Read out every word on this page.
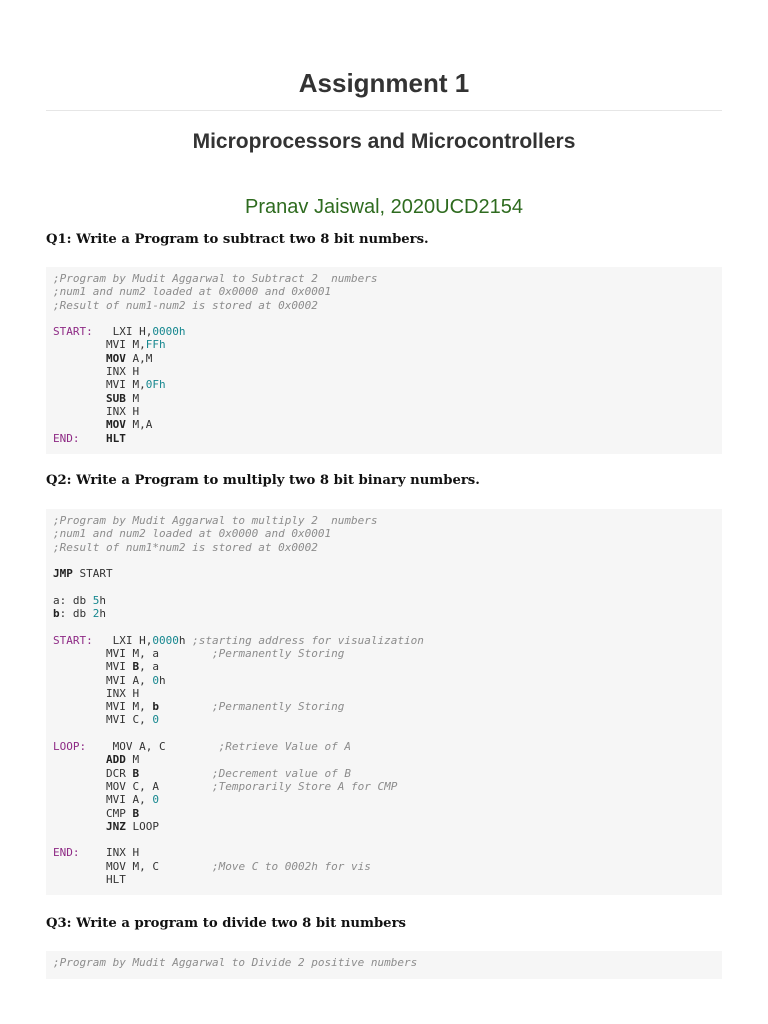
Assignment 1
Microprocessors and Microcontrollers
Pranav Jaiswal, 2020UCD2154
Q1: Write a Program to subtract two 8 bit numbers.
;Program by Mudit Aggarwal to Subtract 2  numbers
;num1 and num2 loaded at 0x0000 and 0x0001
;Result of num1-num2 is stored at 0x0002

START:   LXI H,0000h
MVI M,FFh
MOV A,M
INX H
MVI M,0Fh
SUB M
INX H
MOV M,A
END: HLT
Q2: Write a Program to multiply two 8 bit binary numbers.
;Program by Mudit Aggarwal to multiply 2  numbers
;num1 and num2 loaded at 0x0000 and 0x0001
;Result of num1*num2 is stored at 0x0002

JMP START

a: db 5h
b: db 2h

START:   LXI H,0000h ;starting address for visualization
MVI M, a        ;Permanently Storing
MVI B, a
MVI A, 0h
INX H
MVI M, b	;Permanently Storing
MVI C, 0

LOOP:    MOV A, C        ;Retrieve Value of A
ADD M
DCR B	;Decrement value of B
MOV C, A        ;Temporarily Store A for CMP
MVI A, 0
CMP B
JNZ LOOP

END:    INX H
MOV M, C        ;Move C to 0002h for vis
HLT
Q3: Write a program to divide two 8 bit numbers
;Program by Mudit Aggarwal to Divide 2 positive numbers
